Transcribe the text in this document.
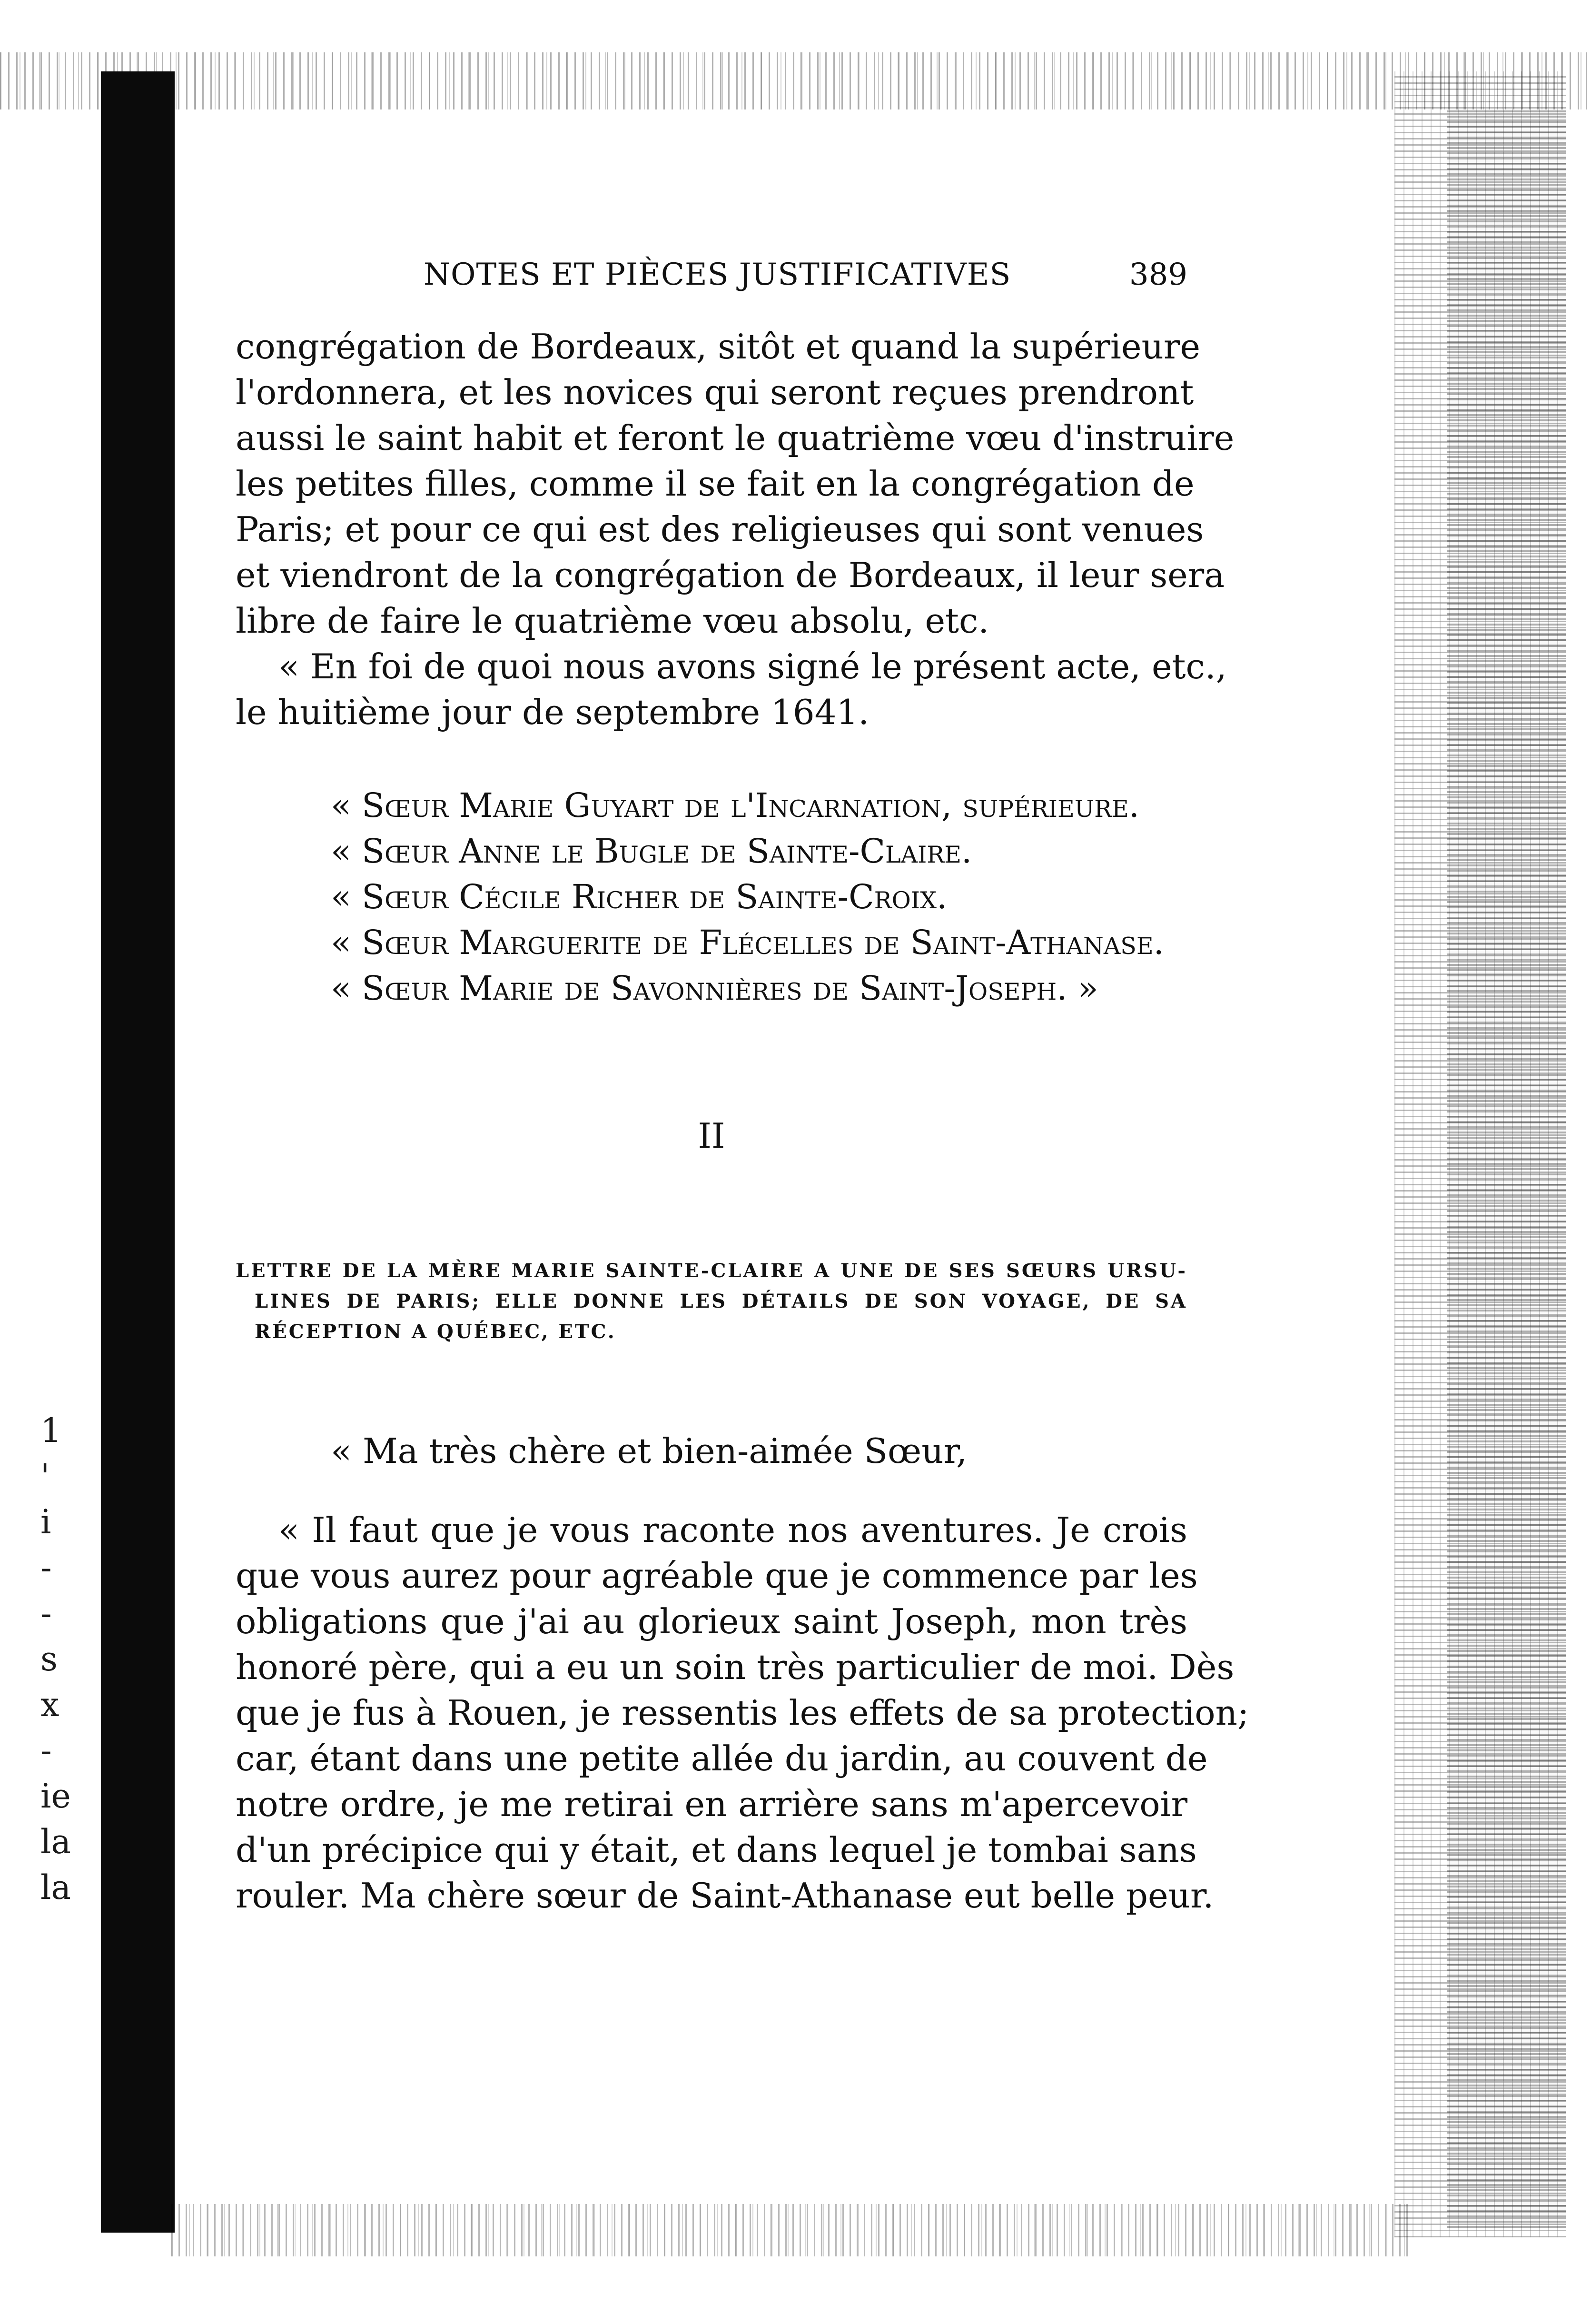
1
'
i
-
-
s
x
-
ie
la
la
NOTES ET PIÈCES JUSTIFICATIVES	389

congrégation de Bordeaux, sitôt et quand la supérieure
l'ordonnera, et les novices qui seront reçues prendront
aussi le saint habit et feront le quatrième vœu d'instruire
les petites filles, comme il se fait en la congrégation de
Paris; et pour ce qui est des religieuses qui sont venues
et viendront de la congrégation de Bordeaux, il leur sera
libre de faire le quatrième vœu absolu, etc.

« En foi de quoi nous avons signé le présent acte, etc.,
le huitième jour de septembre 1641.

« Sœur Marie Guyart de l'Incarnation, supérieure.
« Sœur Anne le Bugle de Sainte-Claire.
« Sœur Cécile Richer de Sainte-Croix.
« Sœur Marguerite de Flécelles de Saint-Athanase.
« Sœur Marie de Savonnières de Saint-Joseph. »
II
LETTRE DE LA MÈRE MARIE SAINTE-CLAIRE A UNE DE SES SŒURS URSU-
LINES DE PARIS; ELLE DONNE LES DÉTAILS DE SON VOYAGE, DE SA
RÉCEPTION A QUÉBEC, ETC.
« Ma très chère et bien-aimée Sœur,

« Il faut que je vous raconte nos aventures. Je crois
que vous aurez pour agréable que je commence par les
obligations que j'ai au glorieux saint Joseph, mon très
honoré père, qui a eu un soin très particulier de moi. Dès
que je fus à Rouen, je ressentis les effets de sa protection;
car, étant dans une petite allée du jardin, au couvent de
notre ordre, je me retirai en arrière sans m'apercevoir
d'un précipice qui y était, et dans lequel je tombai sans
rouler. Ma chère sœur de Saint-Athanase eut belle peur.
